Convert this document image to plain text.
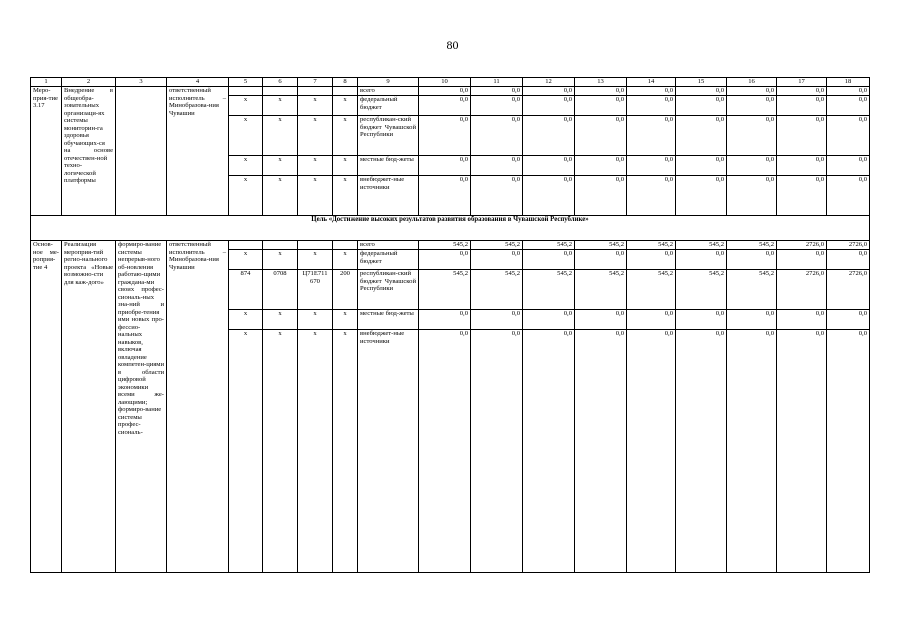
80
1	2	3	4	5	6	7	8	9	10	11	12	13	14	15	16	17	18
Меро-прия-тие 3.17	Внедрение в общеобра-зовательных организаци-ях системы мониторин-га здоровья обучающих-ся на основе отечествен-ной техно-логической платформы		ответственный исполнитель – Минобразова-ния Чувашии					всего	0,0	0,0	0,0	0,0	0,0	0,0	0,0	0,0	0,0
				x	x	x	x	федеральный бюджет	0,0	0,0	0,0	0,0	0,0	0,0	0,0	0,0	0,0
				x	x	x	x	республикан-ский бюджет Чувашской Республики	0,0	0,0	0,0	0,0	0,0	0,0	0,0	0,0	0,0
				x	x	x	x	местные бюд-жеты	0,0	0,0	0,0	0,0	0,0	0,0	0,0	0,0	0,0
				x	x	x	x	внебюджет-ные источники	0,0	0,0	0,0	0,0	0,0	0,0	0,0	0,0	0,0
Цель «Достижение высоких результатов развития образования в Чувашской Республике»																	
Основ-ное ме-роприя-тие 4	Реализация мероприя-тий регио-нального проекта «Новые возможно-сти для каж-дого»	формиро-вание системы непрерыв-ного об-новления работаю-щими граждана-ми своих профес-сиональ-ных зна-ний и приобре-тения ими новых про-фессио-нальных навыков, включая овладение компетен-циями в области цифровой экономики всеми же-лающими; формиро-вание системы профес-сиональ-	ответственный исполнитель – Минобразова-ния Чувашии					всего	545,2	545,2	545,2	545,2	545,2	545,2	545,2	2726,0	2726,0
				x	x	x	x	федеральный бюджет	0,0	0,0	0,0	0,0	0,0	0,0	0,0	0,0	0,0
				874	0708	Ц71Е711 670	200	республикан-ский бюджет Чувашской Республики	545,2	545,2	545,2	545,2	545,2	545,2	545,2	2726,0	2726,0
				x	x	x	x	местные бюд-жеты	0,0	0,0	0,0	0,0	0,0	0,0	0,0	0,0	0,0
				x	x	x	x	внебюджет-ные источники	0,0	0,0	0,0	0,0	0,0	0,0	0,0	0,0	0,0
